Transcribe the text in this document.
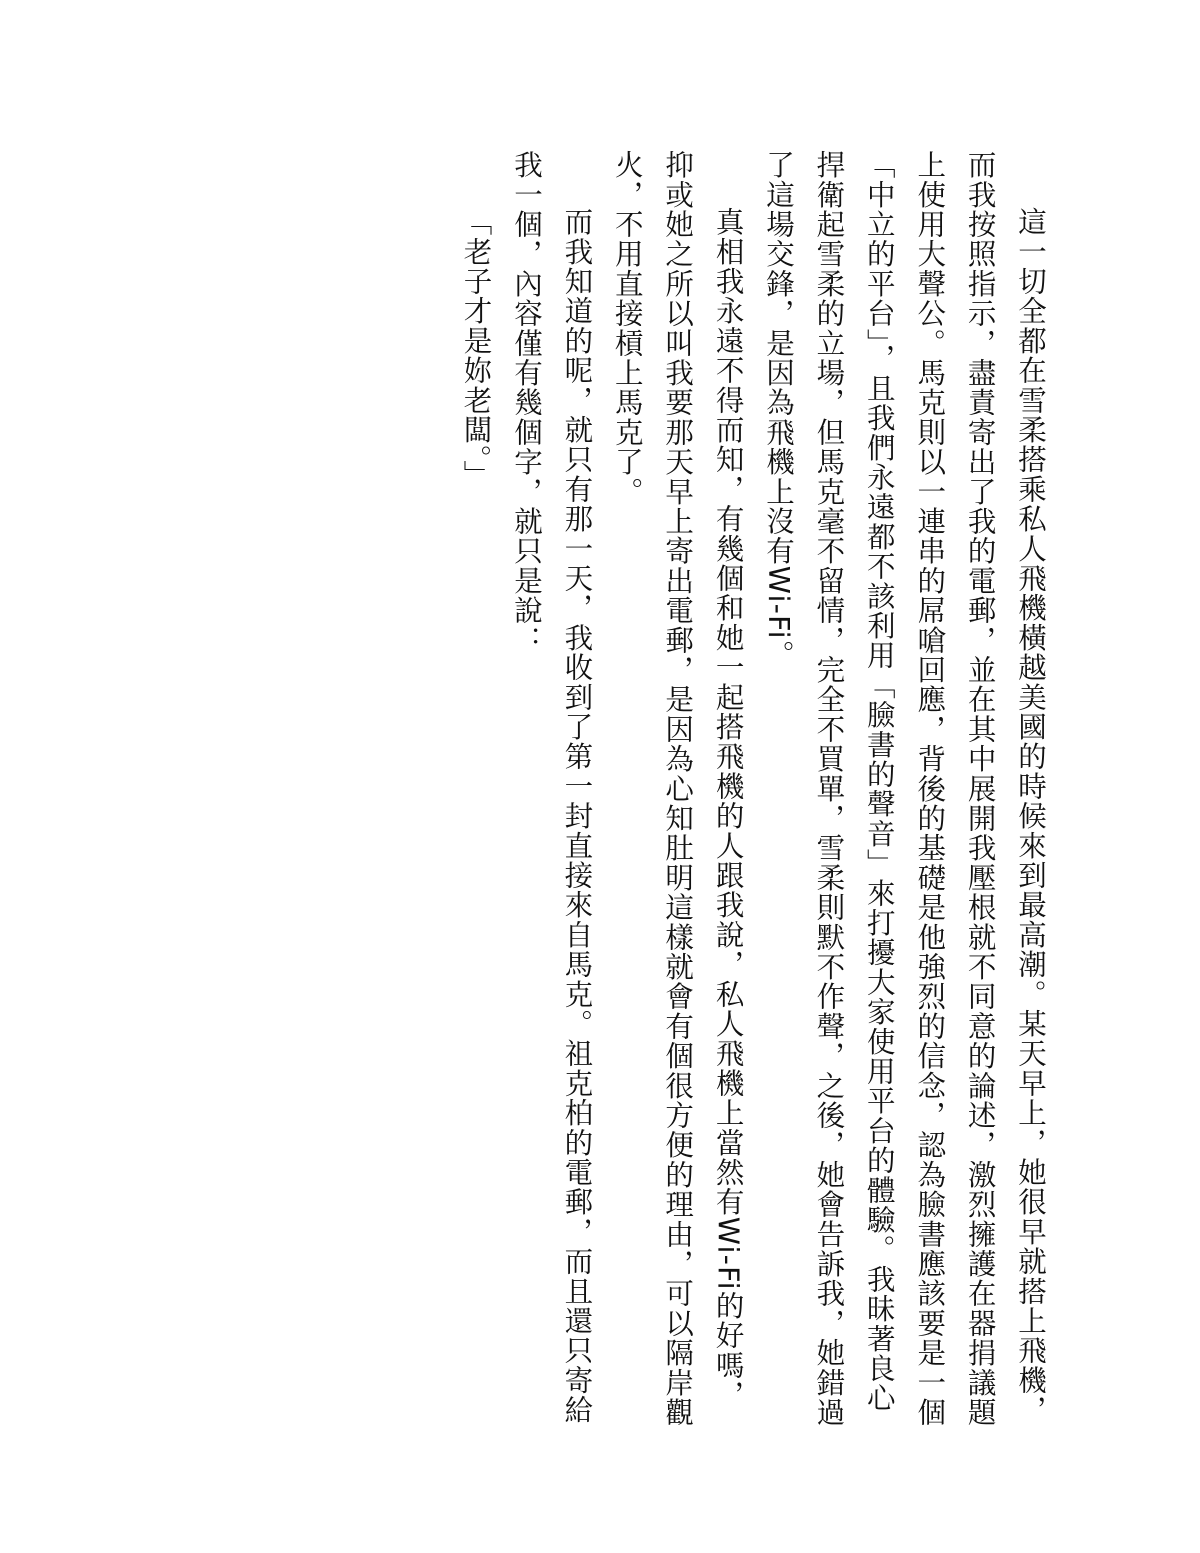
這一切全都在雪柔搭乘私人飛機橫越美國的時候來到最高潮。某天早上，她很早就搭上飛機，
而我按照指示，盡責寄出了我的電郵，並在其中展開我壓根就不同意的論述，激烈擁護在器捐議題
上使用大聲公。馬克則以一連串的屌嗆回應，背後的基礎是他強烈的信念，認為臉書應該要是一個
「中立的平台」，且我們永遠都不該利用「臉書的聲音」來打擾大家使用平台的體驗。我昧著良心
捍衛起雪柔的立場，但馬克毫不留情，完全不買單，雪柔則默不作聲，之後，她會告訴我，她錯過
了這場交鋒，是因為飛機上沒有Wi-Fi。
真相我永遠不得而知，有幾個和她一起搭飛機的人跟我說，私人飛機上當然有Wi-Fi的好嗎，
抑或她之所以叫我要那天早上寄出電郵，是因為心知肚明這樣就會有個很方便的理由，可以隔岸觀
火，不用直接槓上馬克了。
而我知道的呢，就只有那一天，我收到了第一封直接來自馬克。祖克柏的電郵，而且還只寄給
我一個，內容僅有幾個字，就只是說：
「老子才是妳老闆。」
